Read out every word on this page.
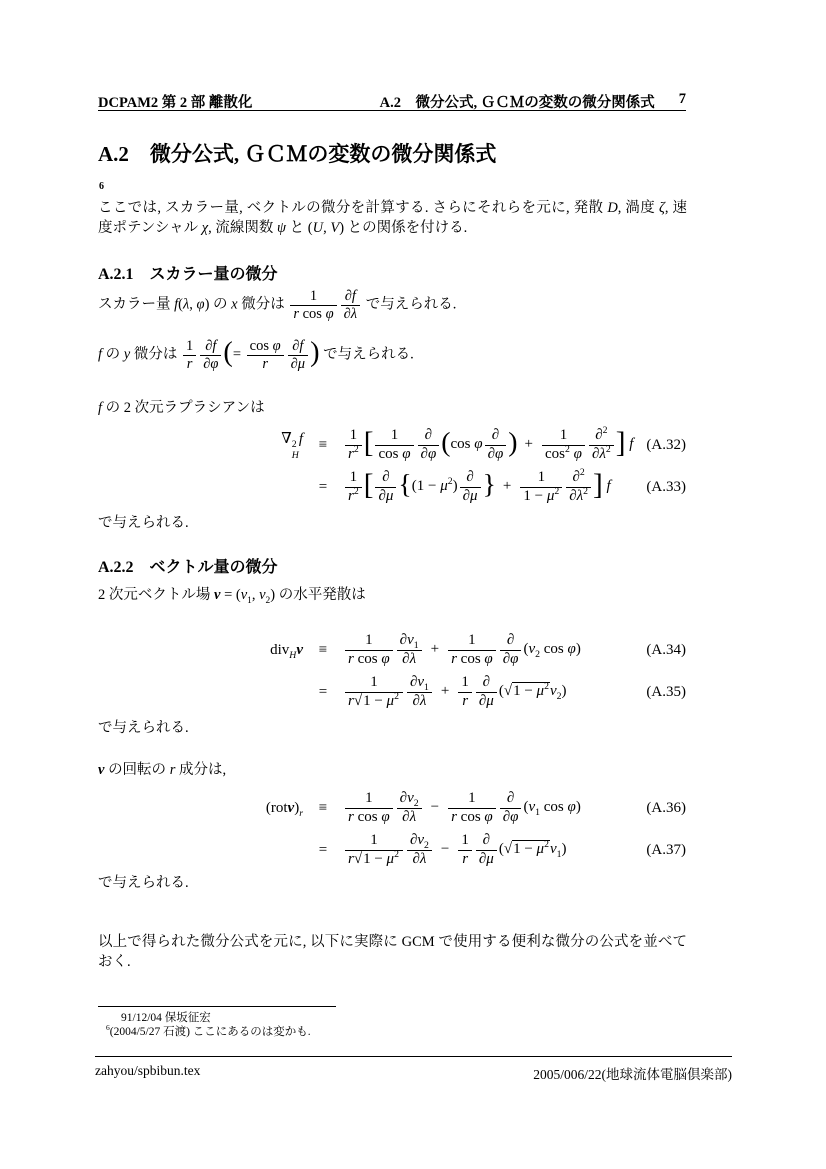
DCPAM2 第 2 部 離散化	A.2　微分公式, ＧＣＭの変数の微分関係式 7
A.2　微分公式, ＧＣＭの変数の微分関係式
6
ここでは, スカラー量, ベクトルの微分を計算する. さらにそれらを元に, 発散 D, 渦度 ζ, 速度ポテンシャル χ, 流線関数 ψ と (U, V) との関係を付ける.
A.2.1　スカラー量の微分
スカラー量 f(λ, φ) の x 微分は $\frac{1}{\text{r cos φ}} \frac{\partial f}{\partial\lambda}$ で与えられる.
f の y 微分は $\frac{1}{r} \frac{\partial f}{\partial\varphi}$ (= $\frac{\text{cos φ}}{r} \frac{\partial f}{\partial\mu}$ ) で与えられる.
f の 2 次元ラプラシアンは
∇ 2
H
f	≡	$\frac{1}{r^2}$ [ $\frac{1}{\text{cos φ}}$ ∂
∂φ (cos φ
∂
∂φ ) + $\frac{1}{\cos^2 \varphi} \frac{\partial^2}{\partial\lambda^2}$ ] f (A.32)
=	$\frac{1}{r^2}$ [ ∂
∂μ {$(1 - \mu^2)$
∂
∂μ } + $\frac{1}{1 - \mu^2} \frac{\partial^2}{\partial\lambda^2}$ ] f	(A.33)
で与えられる.
A.2.2　ベクトル量の微分
2 次元ベクトル場 $v = (v_1$, $v_2$) の水平発散は
div$_H$v	≡	$\frac{1}{\text{r cos φ}} \frac{\partial v_1}{\partial\lambda} + \frac{1}{\text{r cos φ}}$ ∂
∂φ
($v_2$ cos φ)	(A.34)
=	$\frac{1}{r√1 - \mu^2} \frac{\partial v_1}{\partial\lambda} + \frac{1}{r}$ ∂
∂μ
$(√1 - \mu^2v_2)$	(A.35)
で与えられる.
v の回転の r 成分は,
$(rotv)_r$	≡	$\frac{1}{\text{r cos φ}} \frac{\partial v_2}{\partial\lambda} - \frac{1}{\text{r cos φ}}$ ∂
∂φ
($v_1$ cos φ)	(A.36)
=	$\frac{1}{r√1 - \mu^2} \frac{\partial v_2}{\partial\lambda} - \frac{1}{r}$ ∂
∂μ
$(√1 - \mu^2v_1)$	(A.37)
で与えられる.
以上で得られた微分公式を元に, 以下に実際に GCM で使用する便利な微分の公式を並べておく.
91/12/04 保坂征宏
$^6$(2004/5/27 石渡) ここにあるのは変かも.
zahyou/spbibun.tex	2005/006/22(地球流体電脳倶楽部)
